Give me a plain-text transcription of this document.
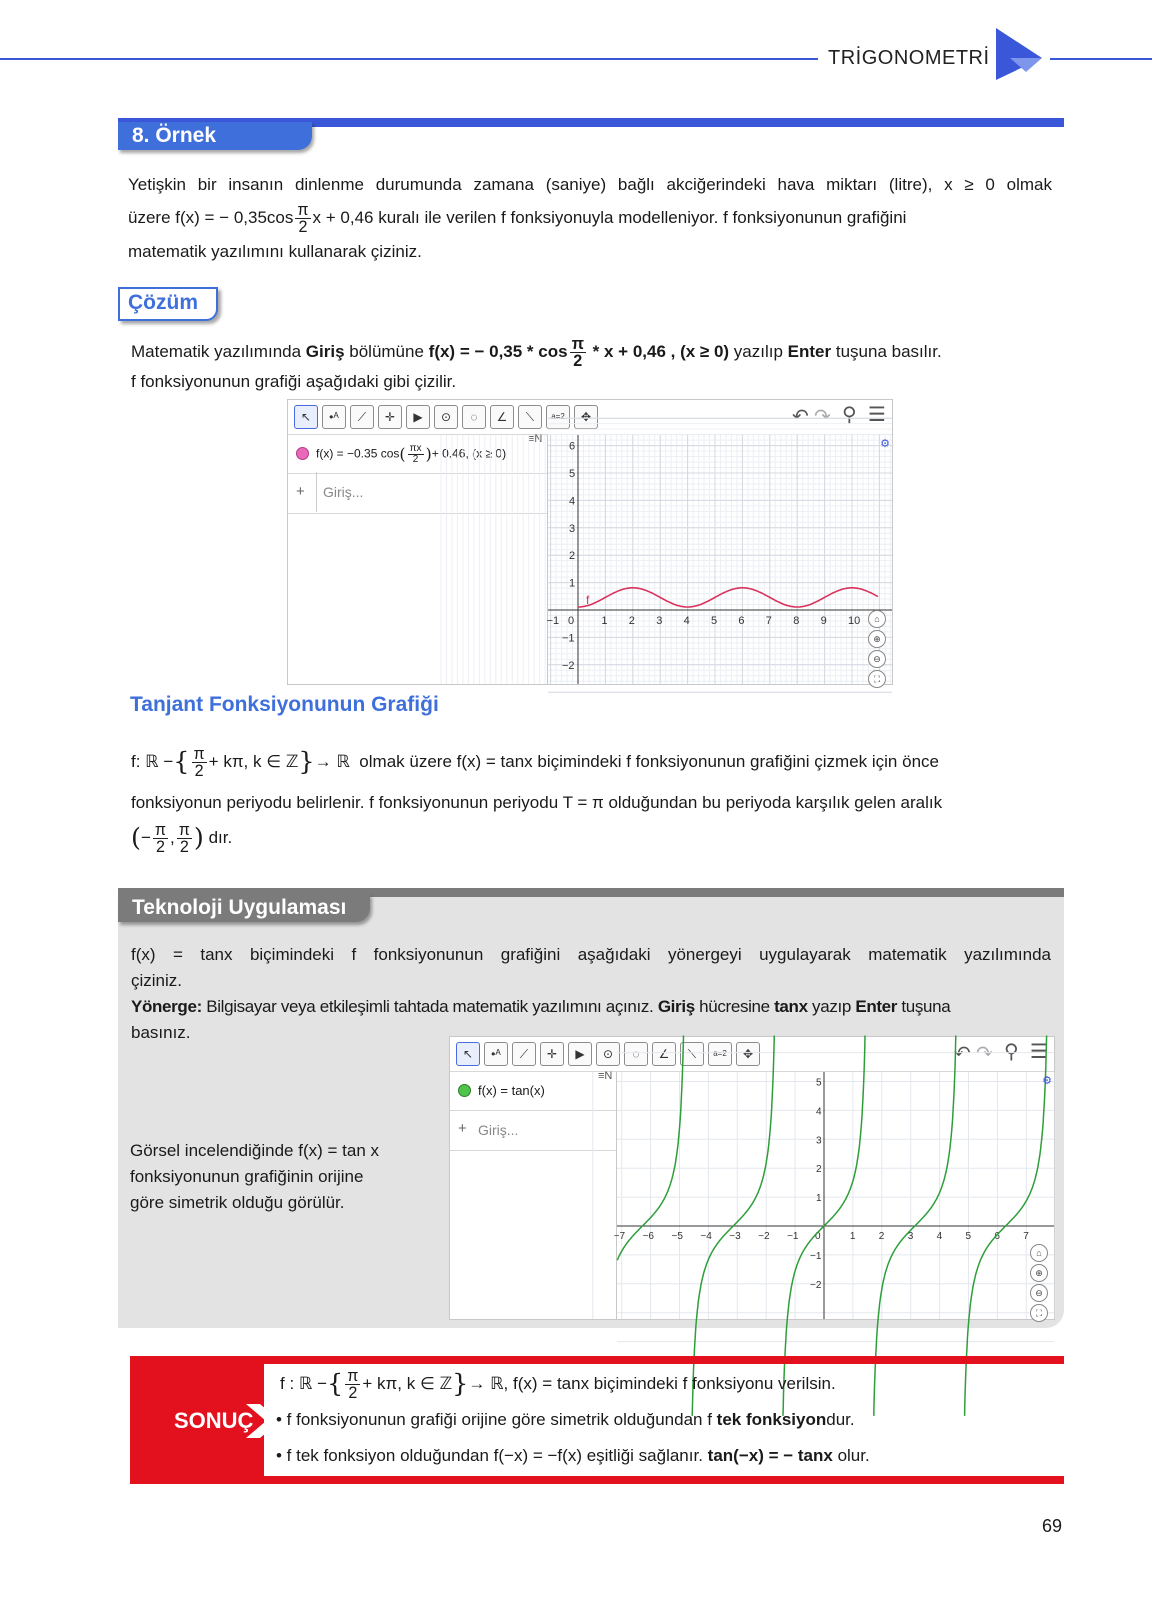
TRİGONOMETRİ
8. Örnek
Yetişkin bir insanın dinlenme durumunda zamana (saniye) bağlı akciğerindeki hava miktarı (litre), x ≥ 0 olmak
üzere f(x) = − $0,35\cos \frac{\pi}{2}$ x + 0,46 kuralı ile verilen f fonksiyonuyla modelleniyor. f fonksiyonunun grafiğini
matematik yazılımını kullanarak çiziniz.
Çözüm
Matematik yazılımında Giriş bölümüne f(x) = − $0,35 * \cos \frac{\pi}{2} * x + 0,46$ , (x ≥ 0) yazılıp Enter tuşuna basılır.
f fonksiyonunun grafiği aşağıdaki gibi çizilir.
↖	•ᴬ	⟋	✛	▶	⊙	◌	∠	⟍	a=2	✥	↶ ↷ ⚲ ☰
f(x) = −0.35 $\cos( \frac{\pi x}{2}$ )+ 0.46, (x ≥ 0)
+	Giriş...
≡N
−1 0 1 2 3 4 5 6 7 8 9 10
6
5
4
3
2
1
−1
−2
f
⚙
⌂
⊕
⊖
⛶
Tanjant Fonksiyonunun Grafiği
f: ℝ −{ $\frac{\pi}{2} + k\pi$, k ∈ ℤ}→ ℝ olmak üzere f(x) = tanx biçimindeki f fonksiyonunun grafiğini çizmek için önce
fonksiyonun periyodu belirlenir. f fonksiyonunun periyodu T = π olduğundan bu periyoda karşılık gelen aralık
(− $\frac{\pi}{2}$ , $\frac{\pi}{2}$ ) dır.
Teknoloji Uygulaması
f(x) = tanx biçimindeki f fonksiyonunun grafiğini aşağıdaki yönergeyi uygulayarak matematik yazılımında
çiziniz.
Yönerge: Bilgisayar veya etkileşimli tahtada matematik yazılımını açınız. Giriş hücresine tanx yazıp Enter tuşuna
basınız.
Görsel incelendiğinde f(x) = tan x
fonksiyonunun grafiğinin orijine
göre simetrik olduğu görülür.
↖	•ᴬ	⟋	✛	▶	⊙	◌	∠	⟍	a=2	✥	↶ ↷ ⚲ ☰
f(x) = tan(x)
+ Giriş...
≡N
−7 −6 −5 −4 −3 −2 −1 0	1 2 3 4 5 6 7
5
4
3
2
1
−1
−2
⚙
⌂
⊕
⊖
⛶
SONUÇ
f : ℝ −{ $\frac{\pi}{2} + k\pi$, k ∈ ℤ}→ ℝ, f(x) = tanx biçimindeki f fonksiyonu verilsin.
• f fonksiyonunun grafiği orijine göre simetrik olduğundan f tek fonksiyondur.
• f tek fonksiyon olduğundan f(−x) = −f(x) eşitliği sağlanır. tan(−x) = − tanx olur.
69
